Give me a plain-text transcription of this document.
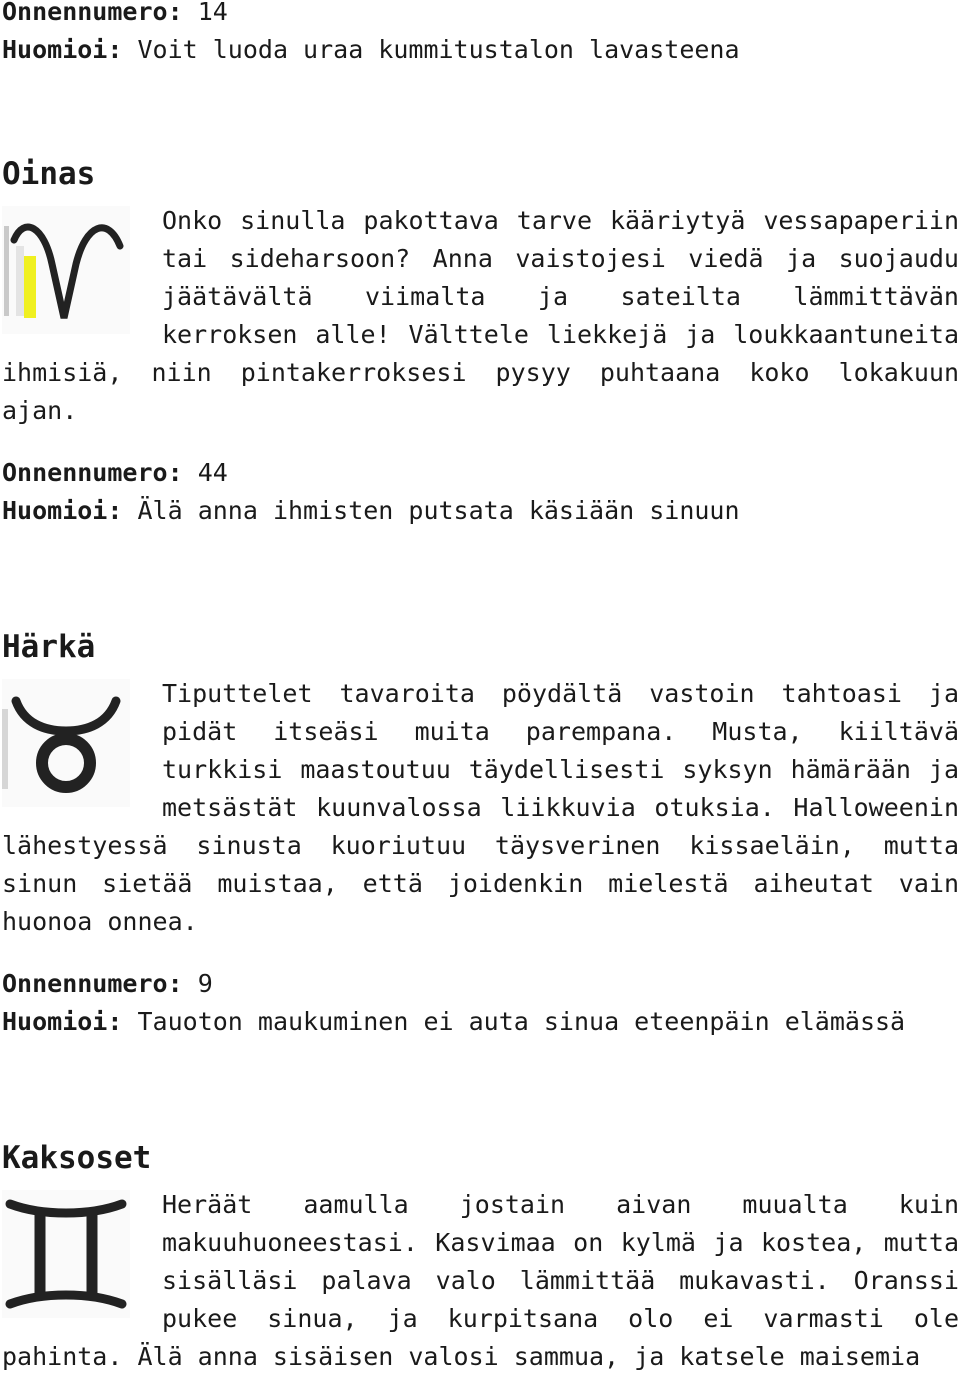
Onnennumero: 14

Huomioi: Voit luoda uraa kummitustalon lavasteena

Oinas

Onko sinulla pakottava tarve kääriytyä vessapaperiin tai sideharsoon? Anna vaistojesi viedä ja suojaudu jäätävältä viimalta ja sateilta lämmittävän kerroksen alle! Välttele liekkejä ja loukkaantuneita ihmisiä, niin pintakerroksesi pysyy puhtaana koko lokakuun ajan.

Onnennumero: 44

Huomioi: Älä anna ihmisten putsata käsiään sinuun

Härkä

Tiputtelet tavaroita pöydältä vastoin tahtoasi ja pidät itseäsi muita parempana. Musta, kiiltävä turkkisi maastoutuu täydellisesti syksyn hämärään ja metsästät kuunvalossa liikkuvia otuksia. Halloweenin lähestyessä sinusta kuoriutuu täysverinen kissaeläin, mutta sinun sietää muistaa, että joidenkin mielestä aiheutat vain huonoa onnea.

Onnennumero: 9

Huomioi: Tauoton maukuminen ei auta sinua eteenpäin elämässä

Kaksoset

Heräät aamulla jostain aivan muualta kuin makuuhuoneestasi. Kasvimaa on kylmä ja kostea, mutta sisälläsi palava valo lämmittää mukavasti. Oranssi pukee sinua, ja kurpitsana olo ei varmasti ole pahinta. Älä anna sisäisen valosi sammua, ja katsele maisemia
